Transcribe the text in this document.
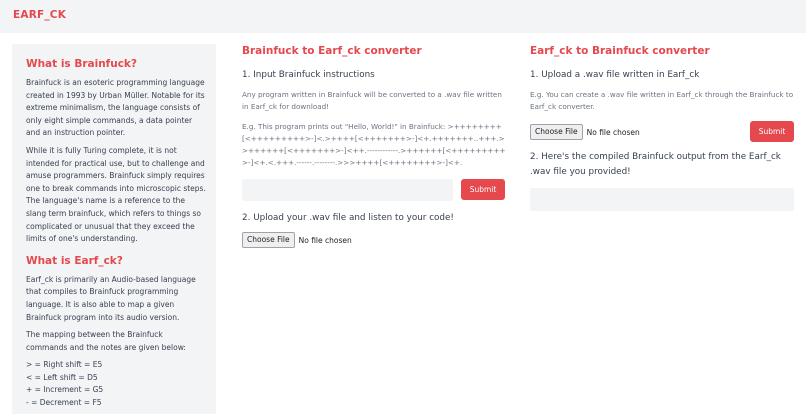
EARF_CK
What is Brainfuck?

Brainfuck is an esoteric programming language created in 1993 by Urban Müller. Notable for its extreme minimalism, the language consists of only eight simple commands, a data pointer and an instruction pointer.

While it is fully Turing complete, it is not intended for practical use, but to challenge and amuse programmers. Brainfuck simply requires one to break commands into microscopic steps. The language's name is a reference to the slang term brainfuck, which refers to things so complicated or unusual that they exceed the limits of one's understanding.

What is Earf_ck?

Earf_ck is primarily an Audio-based language that compiles to Brainfuck programming language. It is also able to map a given Brainfuck program into its audio version.

The mapping between the Brainfuck commands and the notes are given below:

> = Right shift = E5
< = Left shift = D5
+ = Increment = G5
- = Decrement = F5
Brainfuck to Earf_ck converter
1. Input Brainfuck instructions

Any program written in Brainfuck will be converted to a .wav file written in Earf_ck for download!

E.g. This program prints out "Hello, World!" in Brainfuck: >++++++++[<+++++++++>-]<.>++++[<+++++++>-]<+.+++++++..+++.>>++++++[<+++++++>-]<++.------------.>++++++[<+++++++++>-]<+.<.+++.------.--------.>>>++++[<++++++++>-]<+.

Submit
2. Upload your .wav file and listen to your code!
Choose File	No file chosen
Earf_ck to Brainfuck converter
1. Upload a .wav file written in Earf_ck

E.g. You can create a .wav file written in Earf_ck through the Brainfuck to Earf_ck converter.

Choose File	No file chosen	Submit
2. Here's the compiled Brainfuck output from the Earf_ck .wav file you provided!
